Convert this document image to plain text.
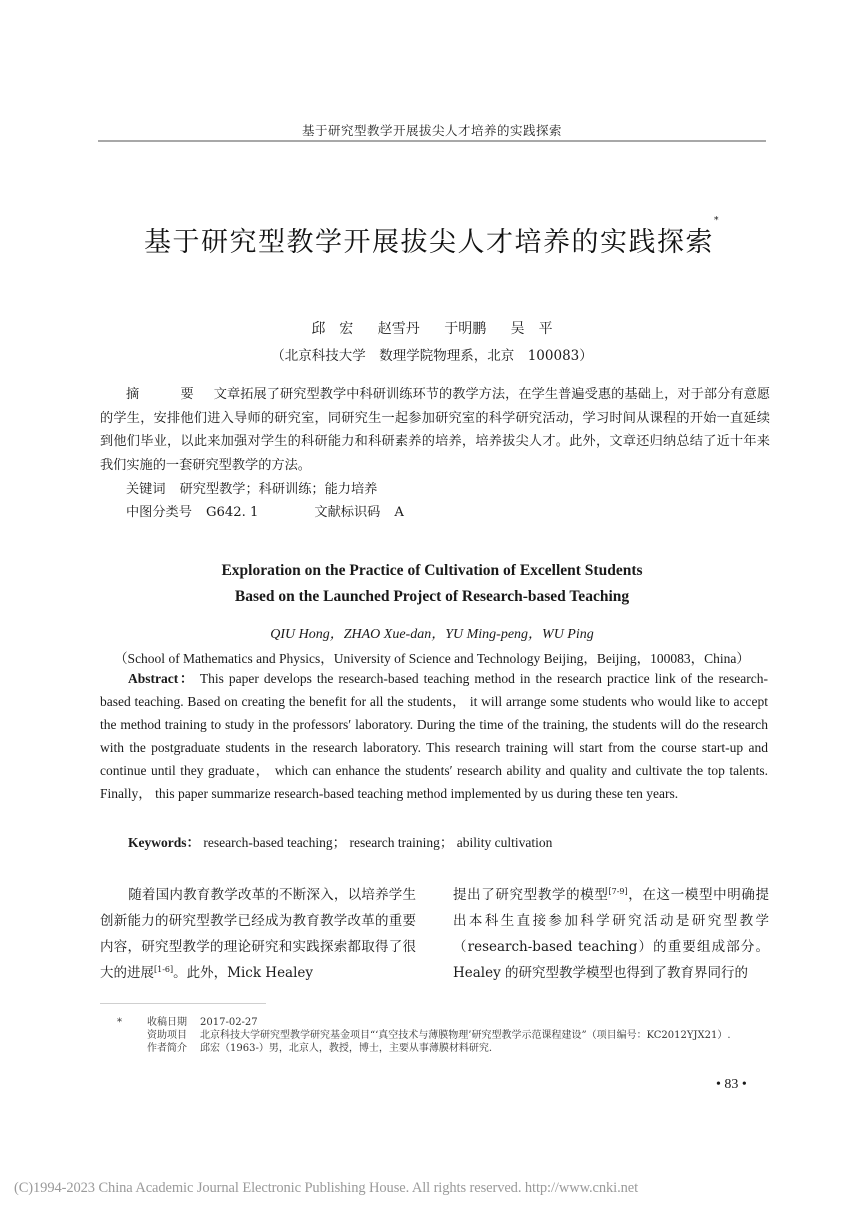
基于研究型教学开展拔尖人才培养的实践探索
基于研究型教学开展拔尖人才培养的实践探索*
邱　宏 赵雪丹 于明鹏 吴　平
（北京科技大学　数理学院物理系，北京　100083）
摘　要 文章拓展了研究型教学中科研训练环节的教学方法，在学生普遍受惠的基础上，对于部分有意愿的学生，安排他们进入导师的研究室，同研究生一起参加研究室的科学研究活动，学习时间从课程的开始一直延续到他们毕业，以此来加强对学生的科研能力和科研素养的培养，培养拔尖人才。此外，文章还归纳总结了近十年来我们实施的一套研究型教学的方法。
关键词 研究型教学；科研训练；能力培养
中图分类号 G642. 1	文献标识码 A
Exploration on the Practice of Cultivation of Excellent Students
Based on the Launched Project of Research-based Teaching
QIU Hong，ZHAO Xue-dan，YU Ming-peng，WU Ping
（School of Mathematics and Physics，University of Science and Technology Beijing，Beijing，100083，China）
Abstract： This paper develops the research-based teaching method in the research practice link of the research-based teaching. Based on creating the benefit for all the students， it will arrange some students who would like to accept the method training to study in the professors′ laboratory. During the time of the training, the students will do the research with the postgraduate students in the research laboratory. This research training will start from the course start-up and continue until they graduate， which can enhance the students′ research ability and quality and cultivate the top talents. Finally， this paper summarize research-based teaching method implemented by us during these ten years.
Keywords： research-based teaching； research training； ability cultivation
随着国内教育教学改革的不断深入，以培养学生创新能力的研究型教学已经成为教育教学改革的重要内容，研究型教学的理论研究和实践探索都取得了很大的进展[1-6]。此外，Mick Healey
提出了研究型教学的模型[7-9]，在这一模型中明确提出本科生直接参加科学研究活动是研究型教学（research-based teaching）的重要组成部分。Healey 的研究型教学模型也得到了教育界同行的
*	收稿日期	2017-02-27
资助项目	北京科技大学研究型教学研究基金项目“‘真空技术与薄膜物理’研究型教学示范课程建设”（项目编号：KC2012YJX21）.
作者简介	邱宏（1963-）男，北京人，教授，博士，主要从事薄膜材料研究.
• 83 •
(C)1994-2023 China Academic Journal Electronic Publishing House. All rights reserved. http://www.cnki.net
